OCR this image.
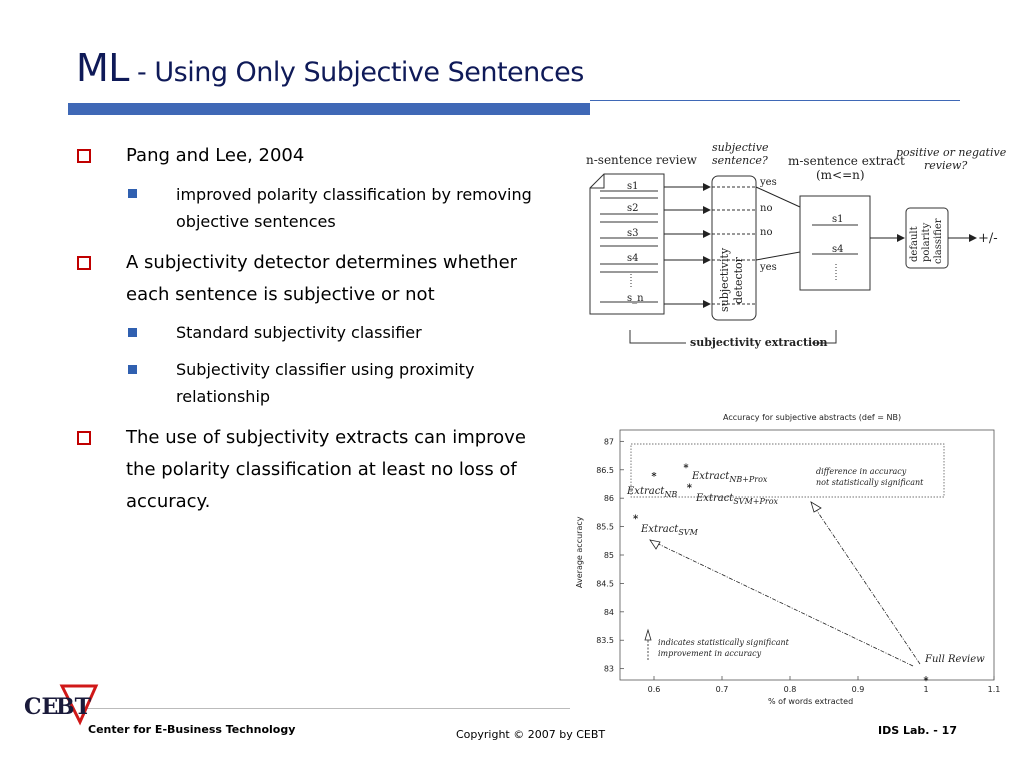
ML - Using Only Subjective Sentences
Pang and Lee, 2004
improved polarity classification by removing
objective sentences
A subjectivity detector determines whether
each sentence is subjective or not
Standard subjectivity classifier
Subjectivity classifier using proximity
relationship
The use of subjectivity extracts can improve
the polarity classification at least no loss of
accuracy.
n-sentence review
subjective
sentence? m-sentence extract
(m<=n)
positive or negative
review?
s1
s2
s3
s4
s_n	subjectivity detector
yes
no
no
yes
s1
s4	default polarity classifier	+/-
subjectivity extraction
Accuracy for subjective abstracts (def = NB)
83
83.5
84
84.5
85
85.5
86
86.5
87
0.6	0.7	0.8	0.9	1	1.1
Average accuracy
% of words extracted
difference in accuracy
not statistically significant
indicates statistically significant
improvement in accuracy
*
*
*
*
*
Extract$_{NB+Prox}$
Extract$_{NB}$ Extract$_{SVM+Prox}$
Extract$_{SVM}$
Full Review
CE
BT
Center for E-Business Technology	Copyright © 2007 by CEBT	IDS Lab. - 17
